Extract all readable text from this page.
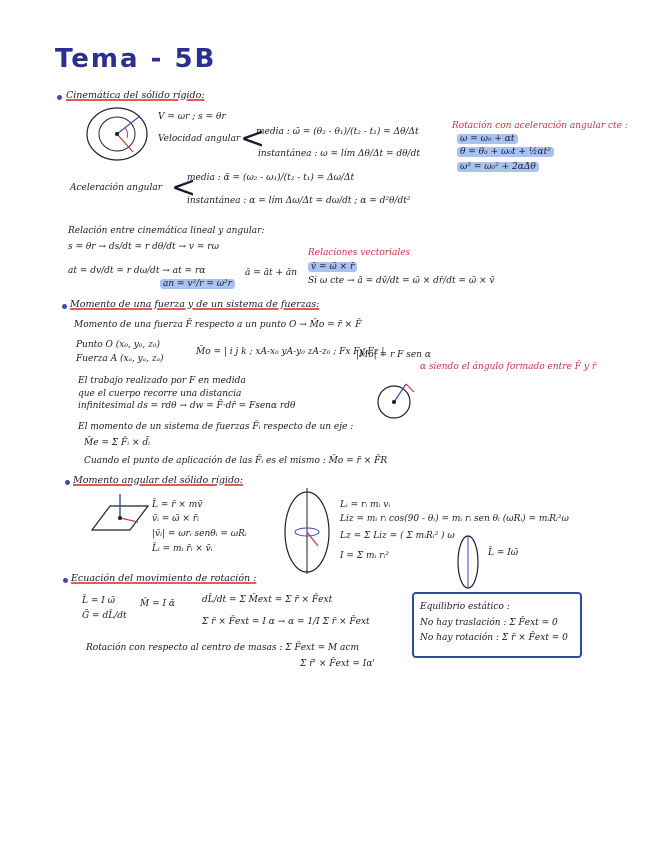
Tema - 5B
Cinemática del sólido rígido:
V = ωr ; s = θr
Velocidad angular <
media : ω̄ = (θ₂ - θ₁)/(t₂ - t₁) = Δθ/Δt
instantánea : ω = lím Δθ/Δt = dθ/dt
Rotación con aceleración angular cte :
ω = ω₀ + αt
θ = θ₀ + ω₀t + ½αt²
ω² = ω₀² + 2αΔθ
Aceleración angular <
media : ᾱ = (ω₂ - ω₁)/(t₂ - t₁) = Δω/Δt
instantánea : α = lím Δω/Δt = dω/dt ; α = d²θ/dt²
Relación entre cinemática lineal y angular:
s = θr → ds/dt = r dθ/dt → v = rω
at = dv/dt = r dω/dt → at = rα
an = v²/r = ω²r
ā = āt + ān
Relaciones vectoriales
v̄ = ω̄ × r̄
Si ω cte → ā = dv̄/dt = ω̄ × dr̄/dt = ω̄ × v̄
Momento de una fuerza y de un sistema de fuerzas:
Momento de una fuerza F̄ respecto a un punto O → M̄o = r̄ × F̄
Punto O (x₀, y₀, z₀)
Fuerza A (xₐ, yₐ, zₐ)
M̄o = | i j k ; xA-x₀ yA-y₀ zA-z₀ ; Fx Fy Fz |
|M̄o| = r F sen α
α siendo el ángulo formado entre F̄ y r̄
El trabajo realizado por F en medida
que el cuerpo recorre una distancia
infinitesimal ds = rdθ → dw = F̄·dr̄ = Fsenα rdθ
El momento de un sistema de fuerzas F̄ᵢ respecto de un eje :
M̄e = Σ F̄ᵢ × d̄ᵢ
Cuando el punto de aplicación de las F̄ᵢ es el mismo : M̄o = r̄ × F̄R
Momento angular del sólido rígido:
L̄ = r̄ × mv̄
v̄ᵢ = ω̄ × r̄ᵢ
|v̄ᵢ| = ωrᵢ senθᵢ = ωRᵢ
L̄ᵢ = mᵢ r̄ᵢ × v̄ᵢ
Lᵢ = rᵢ mᵢ vᵢ
Liz = mᵢ rᵢ cos(90 - θᵢ) = mᵢ rᵢ sen θᵢ (ωRᵢ) = mᵢRᵢ²ω
Lz = Σ Liz = ( Σ mᵢRᵢ² ) ω
I = Σ mᵢ rᵢ²	L̄ = Iω̄
Ecuación del movimiento de rotación :
L̄ = I ω̄
Ḡ = dL̄/dt
M̄ = I ᾱ	dL̄/dt = Σ M̄ext = Σ r̄ × F̄ext
Σ r̄ × F̄ext = I α → α = 1/I Σ r̄ × F̄ext
Rotación con respecto al centro de masas : Σ F̄ext = M acm
Σ r̄' × F̄ext = Iα'
Equilibrio estático :
No hay traslación : Σ F̄ext = 0
No hay rotación : Σ r̄ × F̄ext = 0
